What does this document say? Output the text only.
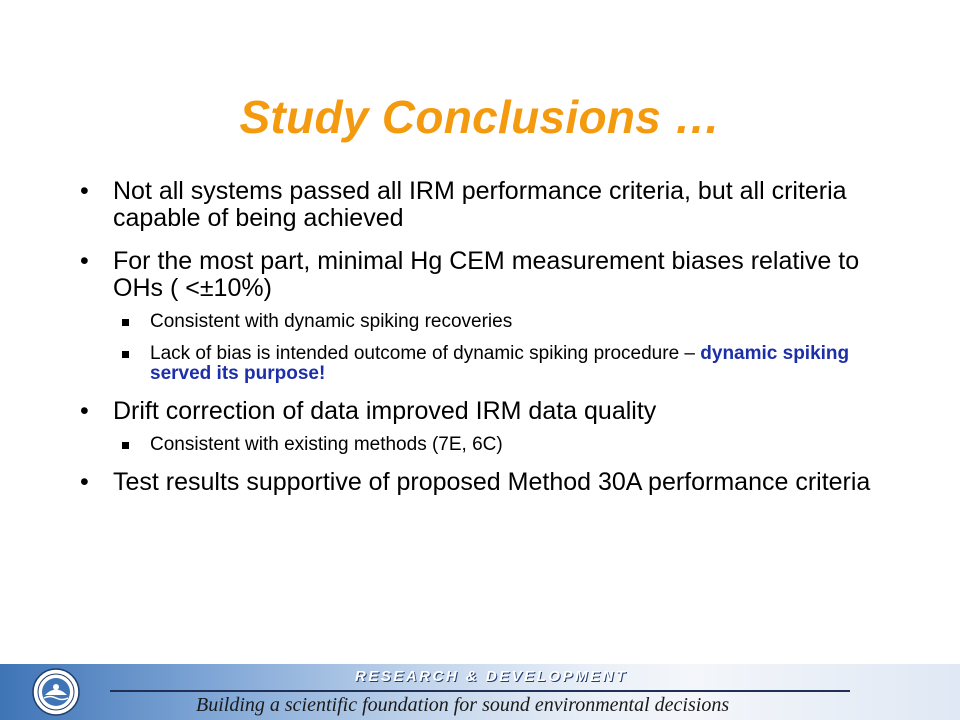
Study Conclusions …
• Not all systems passed all IRM performance criteria, but all criteria capable of being achieved
• For the most part, minimal Hg CEM measurement biases relative to OHs ( <±10%)
Consistent with dynamic spiking recoveries
Lack of bias is intended outcome of dynamic spiking procedure – dynamic spiking served its purpose!
• Drift correction of data improved IRM data quality
Consistent with existing methods (7E, 6C)
• Test results supportive of proposed Method 30A performance criteria
RESEARCH & DEVELOPMENT
Building a scientific foundation for sound environmental decisions
